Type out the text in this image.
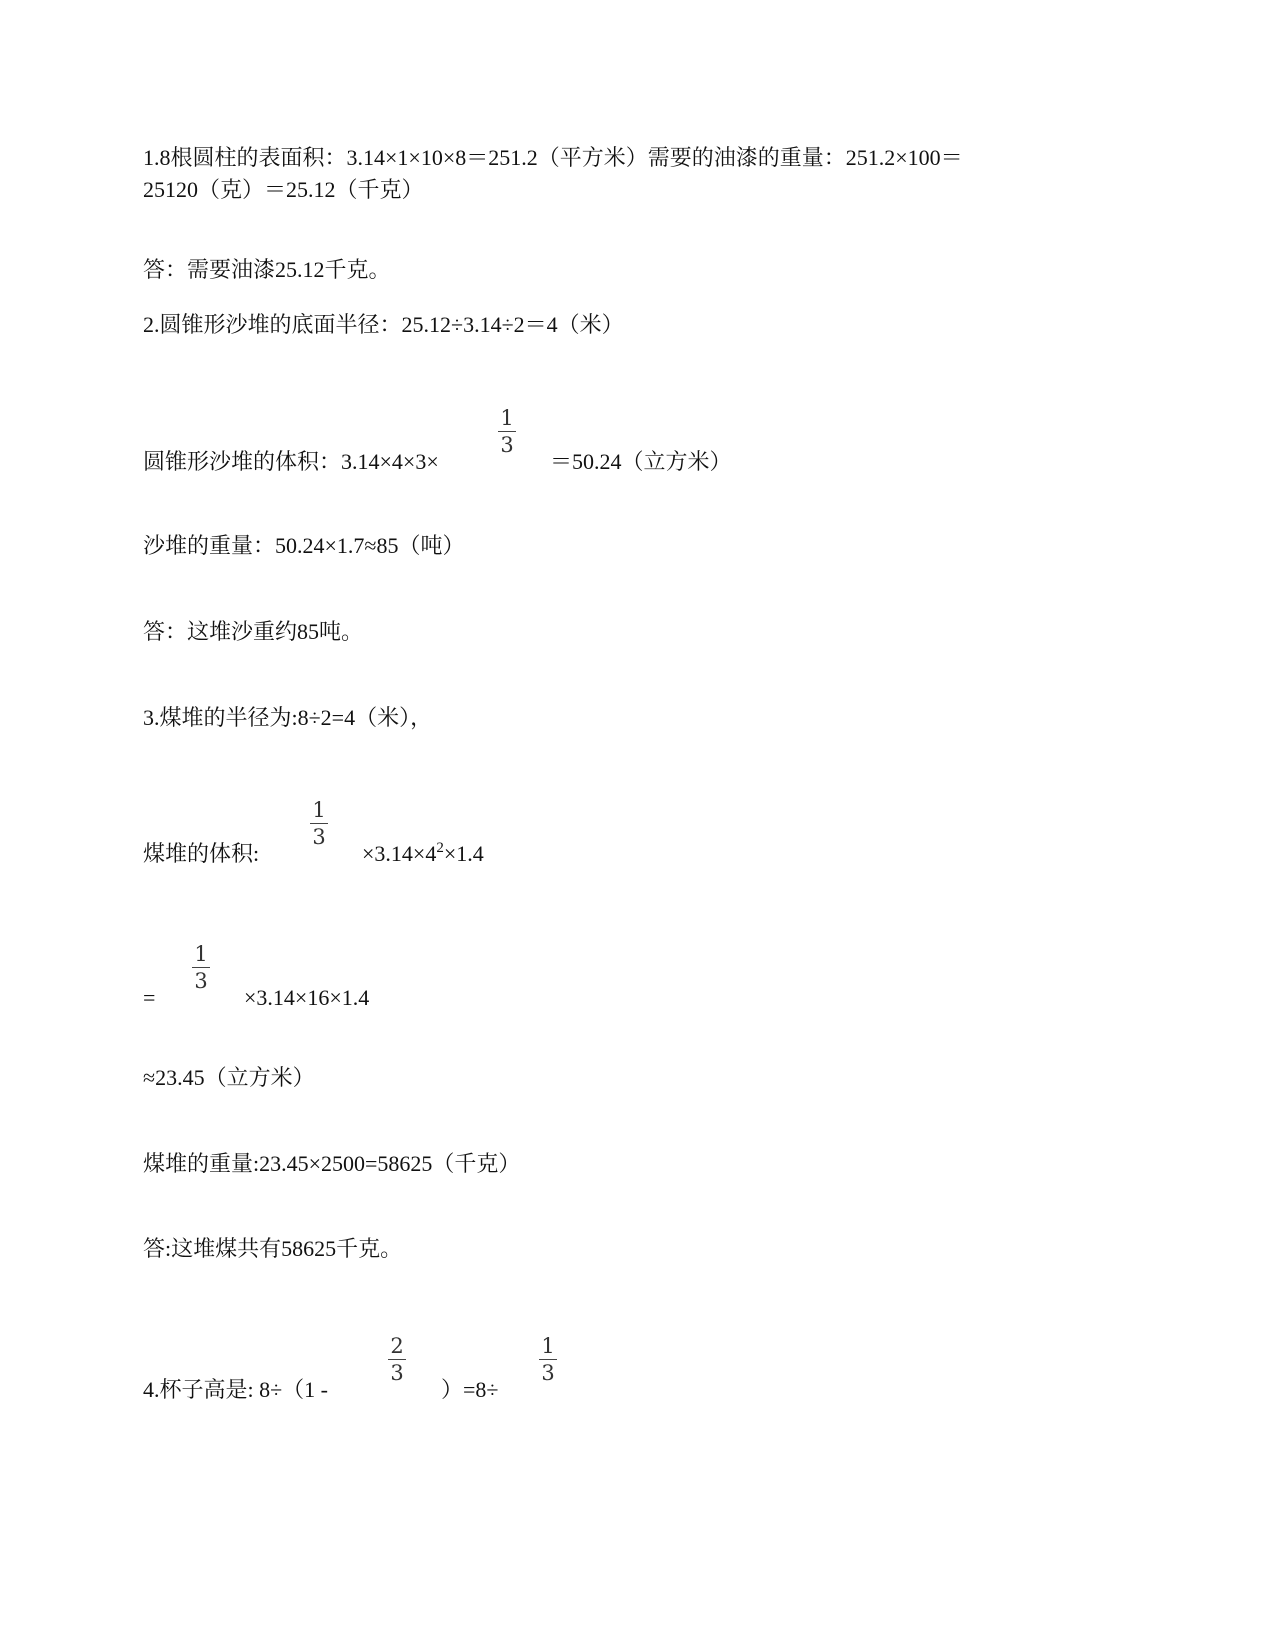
1.8根圆柱的表面积：3.14×1×10×8＝251.2（平方米）需要的油漆的重量：251.2×100＝
25120（克）＝25.12（千克）
答：需要油漆25.12千克。
2.圆锥形沙堆的底面半径：25.12÷3.14÷2＝4（米）
圆锥形沙堆的体积：3.14×4×3×
1
3
＝50.24（立方米）
沙堆的重量：50.24×1.7≈85（吨）
答：这堆沙重约85吨。
3.煤堆的半径为:8÷2=4（米），
煤堆的体积:
1
3
$\times 3.14\times 4^2\times 1.4$
=
1
3
×3.14×16×1.4
≈23.45（立方米）
煤堆的重量:23.45×2500=58625（千克）
答:这堆煤共有58625千克。
4.杯子高是: 8÷（1 -
2
3
）=8÷
1
3
